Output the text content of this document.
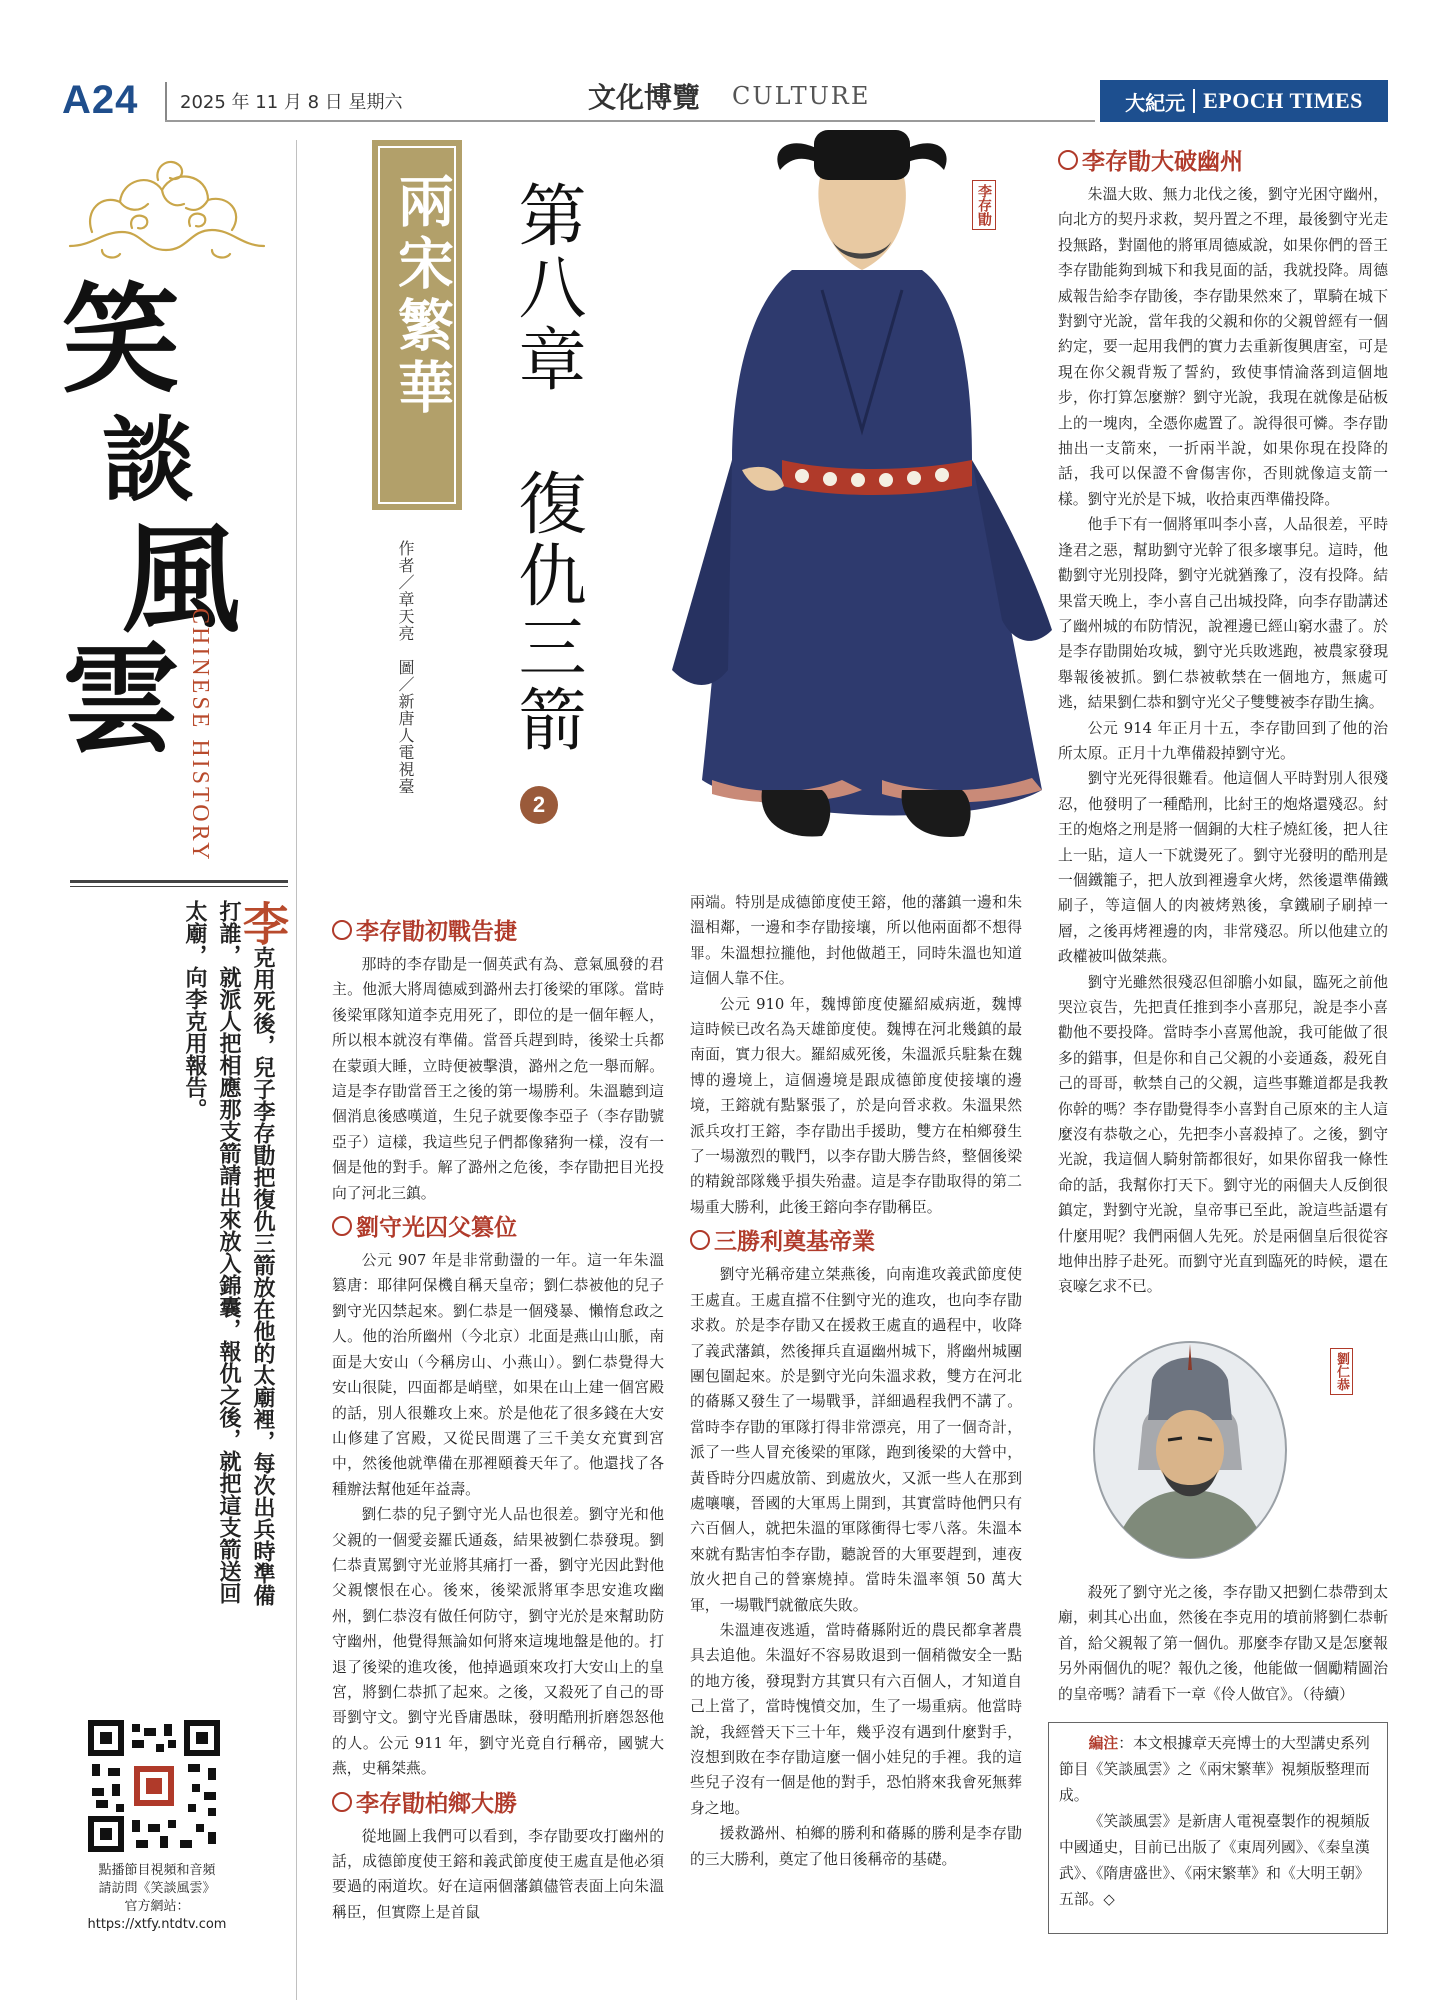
A24 2025 年 11 月 8 日 星期六	文化博覽 CULTURE	大紀元 EPOCH TIMES
笑
談
風
雲 CHINESE HISTORY
李克用死後，兒子李存勖把復仇三箭放在他的太廟裡，每次出兵時準備打誰，就派人把相應那支箭請出來放入錦囊，報仇之後，就把這支箭送回太廟，向李克用報告。
點播節目視頻和音頻
請訪問《笑談風雲》
官方網站：
https://xtfy.ntdtv.com
兩宋繁華 第八章　復仇三箭
作者／章天亮　圖／新唐人電視臺
2
李存勖
李存勖初戰告捷

那時的李存勖是一個英武有為、意氣風發的君主。他派大將周德威到潞州去打後梁的軍隊。當時後梁軍隊知道李克用死了，即位的是一個年輕人，所以根本就沒有準備。當晉兵趕到時，後梁士兵都在蒙頭大睡，立時便被擊潰，潞州之危一舉而解。這是李存勖當晉王之後的第一場勝利。朱溫聽到這個消息後感嘆道，生兒子就要像李亞子（李存勖號亞子）這樣，我這些兒子們都像豬狗一樣，沒有一個是他的對手。解了潞州之危後，李存勖把目光投向了河北三鎮。

劉守光囚父篡位

公元 907 年是非常動盪的一年。這一年朱溫篡唐：耶律阿保機自稱天皇帝；劉仁恭被他的兒子劉守光囚禁起來。劉仁恭是一個殘暴、懶惰怠政之人。他的治所幽州（今北京）北面是燕山山脈，南面是大安山（今稱房山、小燕山）。劉仁恭覺得大安山很陡，四面都是峭壁，如果在山上建一個宮殿的話，別人很難攻上來。於是他花了很多錢在大安山修建了宮殿，又從民間選了三千美女充實到宮中，然後他就準備在那裡頤養天年了。他還找了各種辦法幫他延年益壽。

劉仁恭的兒子劉守光人品也很差。劉守光和他父親的一個愛妾羅氏通姦，結果被劉仁恭發現。劉仁恭責罵劉守光並將其痛打一番，劉守光因此對他父親懷恨在心。後來，後梁派將軍李思安進攻幽州，劉仁恭沒有做任何防守，劉守光於是來幫助防守幽州，他覺得無論如何將來這塊地盤是他的。打退了後梁的進攻後，他掉過頭來攻打大安山上的皇宮，將劉仁恭抓了起來。之後，又殺死了自己的哥哥劉守文。劉守光昏庸愚昧，發明酷刑折磨怨怒他的人。公元 911 年，劉守光竟自行稱帝，國號大燕，史稱桀燕。

李存勖柏鄉大勝

從地圖上我們可以看到，李存勖要攻打幽州的話，成德節度使王鎔和義武節度使王處直是他必須要過的兩道坎。好在這兩個藩鎮儘管表面上向朱溫稱臣，但實際上是首鼠

兩端。特別是成德節度使王鎔，他的藩鎮一邊和朱溫相鄰，一邊和李存勖接壤，所以他兩面都不想得罪。朱溫想拉攏他，封他做趙王，同時朱溫也知道這個人靠不住。

公元 910 年，魏博節度使羅紹威病逝，魏博這時候已改名為天雄節度使。魏博在河北幾鎮的最南面，實力很大。羅紹威死後，朱溫派兵駐紮在魏博的邊境上，這個邊境是跟成德節度使接壤的邊境，王鎔就有點緊張了，於是向晉求救。朱溫果然派兵攻打王鎔，李存勖出手援助，雙方在柏鄉發生了一場激烈的戰鬥，以李存勖大勝告終，整個後梁的精銳部隊幾乎損失殆盡。這是李存勖取得的第二場重大勝利，此後王鎔向李存勖稱臣。

三勝利奠基帝業

劉守光稱帝建立桀燕後，向南進攻義武節度使王處直。王處直擋不住劉守光的進攻，也向李存勖求救。於是李存勖又在援救王處直的過程中，收降了義武藩鎮，然後揮兵直逼幽州城下，將幽州城團團包圍起來。於是劉守光向朱溫求救，雙方在河北的蓨縣又發生了一場戰爭，詳細過程我們不講了。當時李存勖的軍隊打得非常漂亮，用了一個奇計，派了一些人冒充後梁的軍隊，跑到後梁的大營中，黃昏時分四處放箭、到處放火，又派一些人在那到處嚷嚷，晉國的大軍馬上開到，其實當時他們只有六百個人，就把朱溫的軍隊衝得七零八落。朱溫本來就有點害怕李存勖，聽說晉的大軍要趕到，連夜放火把自己的營寨燒掉。當時朱溫率領 50 萬大軍，一場戰鬥就徹底失敗。

朱溫連夜逃遁，當時蓨縣附近的農民都拿著農具去追他。朱溫好不容易敗退到一個稍微安全一點的地方後，發現對方其實只有六百個人，才知道自己上當了，當時愧憤交加，生了一場重病。他當時說，我經營天下三十年，幾乎沒有遇到什麼對手，沒想到敗在李存勖這麼一個小娃兒的手裡。我的這些兒子沒有一個是他的對手，恐怕將來我會死無葬身之地。

援救潞州、柏鄉的勝利和蓨縣的勝利是李存勖的三大勝利，奠定了他日後稱帝的基礎。

李存勖大破幽州

朱溫大敗、無力北伐之後，劉守光困守幽州，向北方的契丹求救，契丹置之不理，最後劉守光走投無路，對圍他的將軍周德威說，如果你們的晉王李存勖能夠到城下和我見面的話，我就投降。周德威報告給李存勖後，李存勖果然來了，單騎在城下對劉守光說，當年我的父親和你的父親曾經有一個約定，要一起用我們的實力去重新復興唐室，可是現在你父親背叛了誓約，致使事情淪落到這個地步，你打算怎麼辦？劉守光說，我現在就像是砧板上的一塊肉，全憑你處置了。說得很可憐。李存勖抽出一支箭來，一折兩半說，如果你現在投降的話，我可以保證不會傷害你，否則就像這支箭一樣。劉守光於是下城，收拾東西準備投降。

他手下有一個將軍叫李小喜，人品很差，平時逢君之惡，幫助劉守光幹了很多壞事兒。這時，他勸劉守光別投降，劉守光就猶豫了，沒有投降。結果當天晚上，李小喜自己出城投降，向李存勖講述了幽州城的布防情況，說裡邊已經山窮水盡了。於是李存勖開始攻城，劉守光兵敗逃跑，被農家發現舉報後被抓。劉仁恭被軟禁在一個地方，無處可逃，結果劉仁恭和劉守光父子雙雙被李存勖生擒。

公元 914 年正月十五，李存勖回到了他的治所太原。正月十九準備殺掉劉守光。

劉守光死得很難看。他這個人平時對別人很殘忍，他發明了一種酷刑，比紂王的炮烙還殘忍。紂王的炮烙之刑是將一個銅的大柱子燒紅後，把人往上一貼，這人一下就燙死了。劉守光發明的酷刑是一個鐵籠子，把人放到裡邊拿火烤，然後還準備鐵刷子，等這個人的肉被烤熟後，拿鐵刷子刷掉一層，之後再烤裡邊的肉，非常殘忍。所以他建立的政權被叫做桀燕。

劉守光雖然很殘忍但卻膽小如鼠，臨死之前他哭泣哀告，先把責任推到李小喜那兒，說是李小喜勸他不要投降。當時李小喜罵他說，我可能做了很多的錯事，但是你和自己父親的小妾通姦，殺死自己的哥哥，軟禁自己的父親，這些事難道都是我教你幹的嗎？李存勖覺得李小喜對自己原來的主人這麼沒有恭敬之心，先把李小喜殺掉了。之後，劉守光說，我這個人騎射箭都很好，如果你留我一條性命的話，我幫你打天下。劉守光的兩個夫人反倒很鎮定，對劉守光說，皇帝事已至此，說這些話還有什麼用呢？我們兩個人先死。於是兩個皇后很從容地伸出脖子赴死。而劉守光直到臨死的時候，還在哀嚎乞求不已。

劉仁恭

殺死了劉守光之後，李存勖又把劉仁恭帶到太廟，刺其心出血，然後在李克用的墳前將劉仁恭斬首，給父親報了第一個仇。那麼李存勖又是怎麼報另外兩個仇的呢？報仇之後，他能做一個勵精圖治的皇帝嗎？請看下一章《伶人做官》。（待續）

編注：本文根據章天亮博士的大型講史系列節目《笑談風雲》之《兩宋繁華》視頻版整理而成。

《笑談風雲》是新唐人電視臺製作的視頻版中國通史，目前已出版了《東周列國》、《秦皇漢武》、《隋唐盛世》、《兩宋繁華》和《大明王朝》五部。◇
